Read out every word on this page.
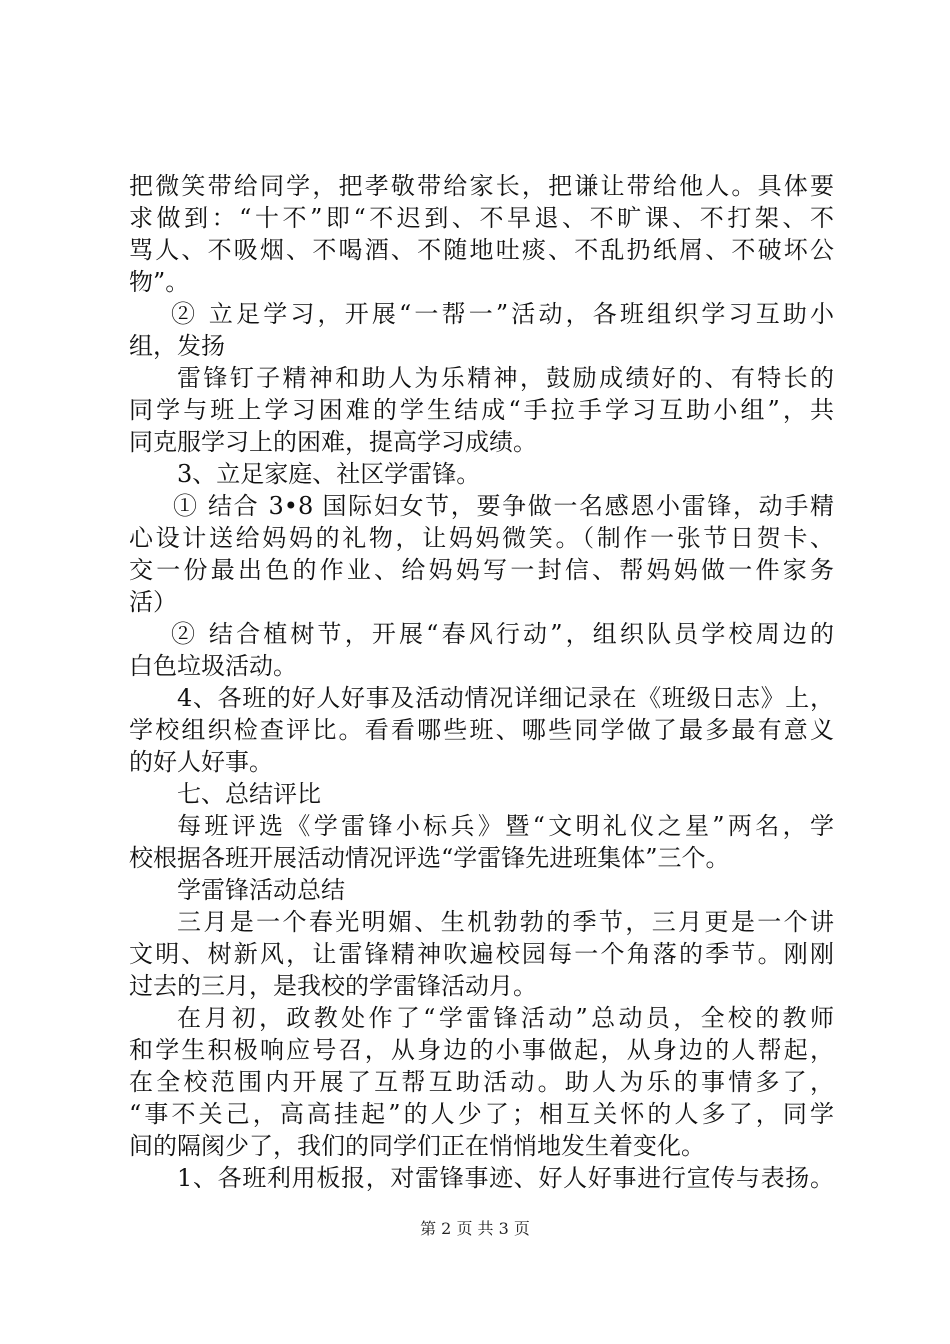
把微笑带给同学，把孝敬带给家长，把谦让带给他人。具体要
求做到：“十不”即“不迟到、不早退、不旷课、不打架、不
骂人、不吸烟、不喝酒、不随地吐痰、不乱扔纸屑、不破坏公
物”。
② 立足学习，开展“一帮一”活动，各班组织学习互助小
组，发扬
雷锋钉子精神和助人为乐精神，鼓励成绩好的、有特长的
同学与班上学习困难的学生结成“手拉手学习互助小组”，共
同克服学习上的困难，提高学习成绩。
3、立足家庭、社区学雷锋。
① 结合 3•8 国际妇女节，要争做一名感恩小雷锋，动手精
心设计送给妈妈的礼物，让妈妈微笑。（制作一张节日贺卡、
交一份最出色的作业、给妈妈写一封信、帮妈妈做一件家务
活）
② 结合植树节，开展“春风行动”，组织队员学校周边的
白色垃圾活动。
4、各班的好人好事及活动情况详细记录在《班级日志》上，
学校组织检查评比。看看哪些班、哪些同学做了最多最有意义
的好人好事。
七、总结评比
每班评选《学雷锋小标兵》暨“文明礼仪之星”两名，学
校根据各班开展活动情况评选“学雷锋先进班集体”三个。
学雷锋活动总结
三月是一个春光明媚、生机勃勃的季节，三月更是一个讲
文明、树新风，让雷锋精神吹遍校园每一个角落的季节。刚刚
过去的三月，是我校的学雷锋活动月。
在月初，政教处作了“学雷锋活动”总动员，全校的教师
和学生积极响应号召，从身边的小事做起，从身边的人帮起，
在全校范围内开展了互帮互助活动。助人为乐的事情多了，
“事不关己，高高挂起”的人少了；相互关怀的人多了，同学
间的隔阂少了，我们的同学们正在悄悄地发生着变化。
1、各班利用板报，对雷锋事迹、好人好事进行宣传与表扬。
第 2 页 共 3 页
